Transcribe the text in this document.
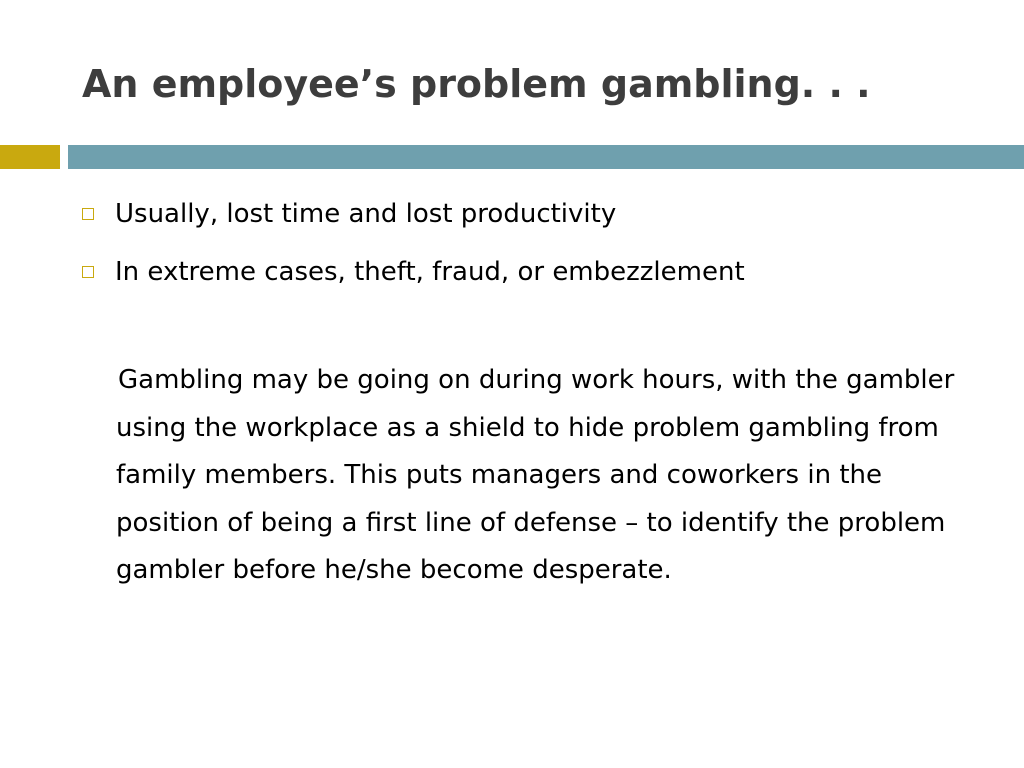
An employee’s problem gambling. . .
Usually, lost time and lost productivity
In extreme cases, theft, fraud, or embezzlement

Gambling may be going on during work hours, with the gambler using the workplace as a shield to hide problem gambling from family members. This puts managers and coworkers in the position of being a first line of defense – to identify the problem gambler before he/she become desperate.
